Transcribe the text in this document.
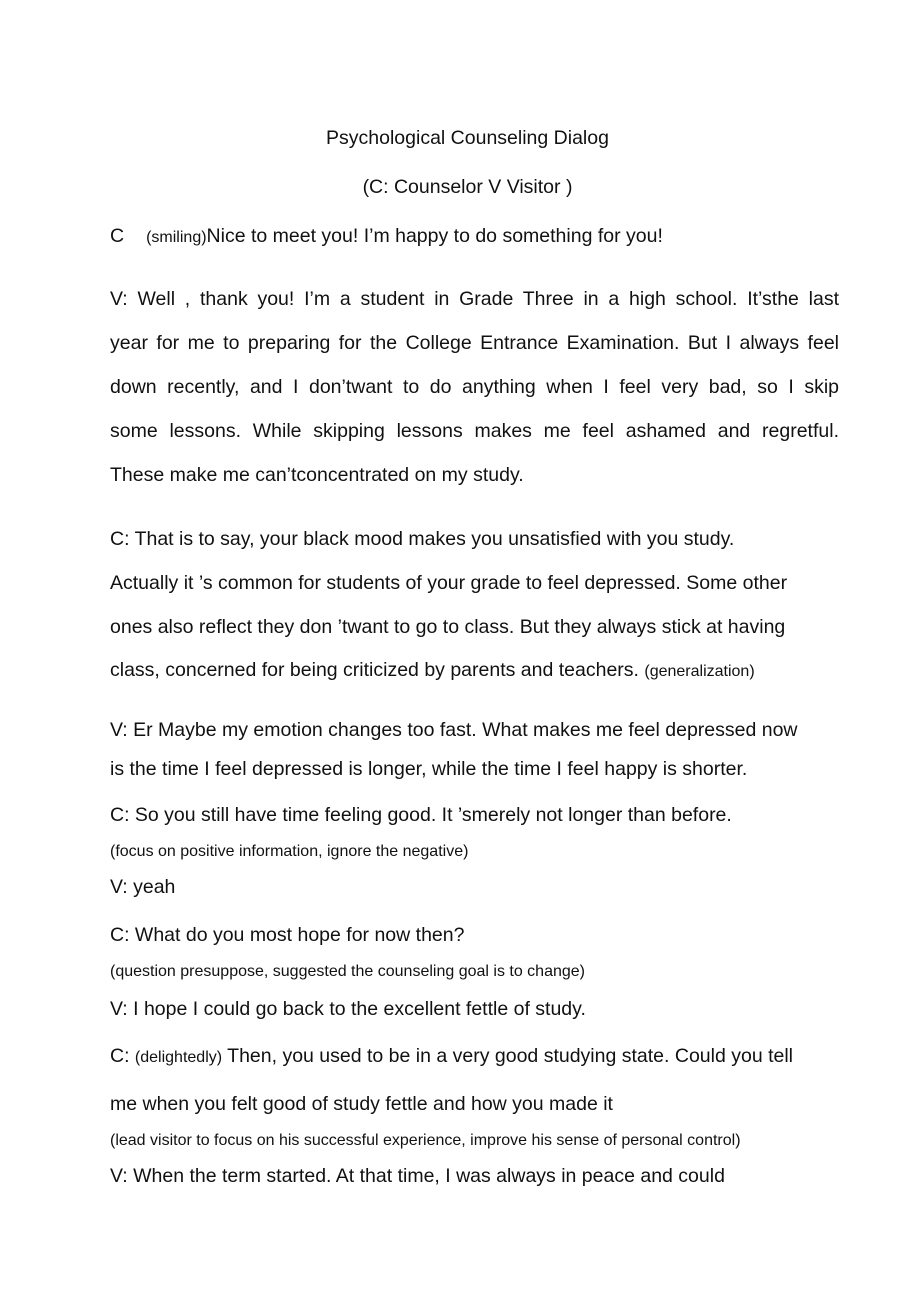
Psychological Counseling Dialog
(C: Counselor V Visitor )
C (smiling)Nice to meet you! I’m happy to do something for you!
V: Well , thank you! I’m a student in Grade Three in a high school. It’sthe last
year for me to preparing for the College Entrance Examination. But I always feel
down recently, and I don’twant to do anything when I feel very bad, so I skip
some lessons. While skipping lessons makes me feel ashamed and regretful.
These make me can’tconcentrated on my study.
C: That is to say, your black mood makes you unsatisfied with you study.
Actually it ’s common for students of your grade to feel depressed. Some other
ones also reflect they don ’twant to go to class. But they always stick at having
class, concerned for being criticized by parents and teachers. (generalization)
V: Er Maybe my emotion changes too fast. What makes me feel depressed now
is the time I feel depressed is longer, while the time I feel happy is shorter.
C: So you still have time feeling good. It ’smerely not longer than before.
(focus on positive information, ignore the negative)
V: yeah
C: What do you most hope for now then?
(question presuppose, suggested the counseling goal is to change)
V: I hope I could go back to the excellent fettle of study.
C: (delightedly) Then, you used to be in a very good studying state. Could you tell
me when you felt good of study fettle and how you made it
(lead visitor to focus on his successful experience, improve his sense of personal control)
V: When the term started. At that time, I was always in peace and could
